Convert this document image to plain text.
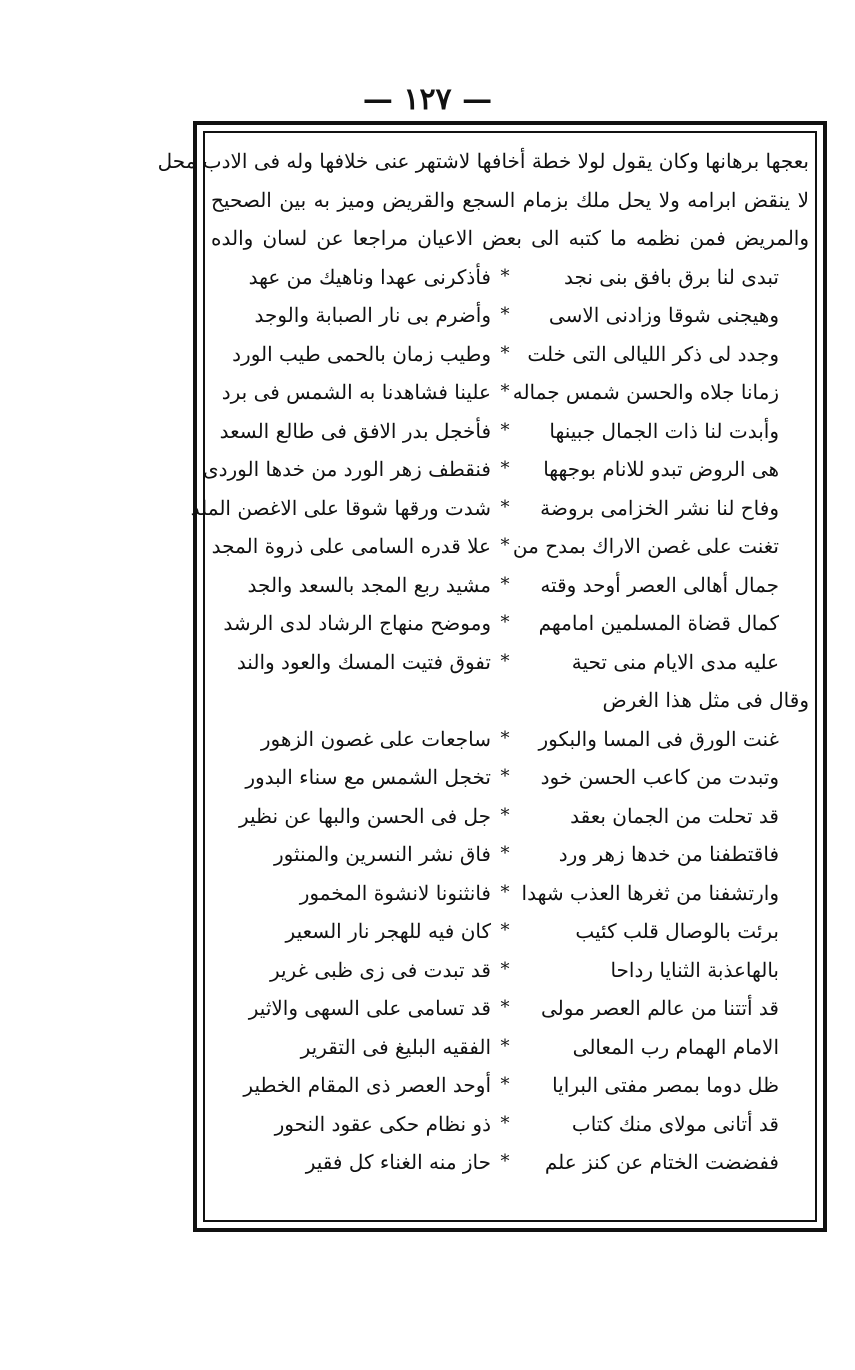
— ١٢٧ —
بعجها برهانها وكان يقول لولا خطة أخافها لاشتهر عنى خلافها وله فى الادب محل
لا ينقض ابرامه ولا يحل ملك بزمام السجع والقريض وميز به بين الصحيح
والمريض فمن نظمه ما كتبه الى بعض الاعيان مراجعا عن لسان والده
تبدى لنا برق بافق بنى نجد
*
فأذكرنى عهدا وناهيك من عهد
وهيجنى شوقا وزادنى الاسى
*
وأضرم بى نار الصبابة والوجد
وجدد لى ذكر الليالى التى خلت
*
وطيب زمان بالحمى طيب الورد
زمانا جلاه والحسن شمس جماله
*
علينا فشاهدنا به الشمس فى برد
وأبدت لنا ذات الجمال جبينها
*
فأخجل بدر الافق فى طالع السعد
هى الروض تبدو للانام بوجهها
*
فنقطف زهر الورد من خدها الوردى
وفاح لنا نشر الخزامى بروضة
*
شدت ورقها شوقا على الاغصن الملد
تغنت على غصن الاراك بمدح من
*
علا قدره السامى على ذروة المجد
جمال أهالى العصر أوحد وقته
*
مشيد ربع المجد بالسعد والجد
كمال قضاة المسلمين امامهم
*
وموضح منهاج الرشاد لدى الرشد
عليه مدى الايام منى تحية
*
تفوق فتيت المسك والعود والند
وقال فى مثل هذا الغرض
غنت الورق فى المسا والبكور
*
ساجعات على غصون الزهور
وتبدت من كاعب الحسن خود
*
تخجل الشمس مع سناء البدور
قد تحلت من الجمان بعقد
*
جل فى الحسن والبها عن نظير
فاقتطفنا من خدها زهر ورد
*
فاق نشر النسرين والمنثور
وارتشفنا من ثغرها العذب شهدا
*
فانثنونا لانشوة المخمور
برئت بالوصال قلب كئيب
*
كان فيه للهجر نار السعير
بالهاعذبة الثنايا رداحا
*
قد تبدت فى زى ظبى غرير
قد أتتنا من عالم العصر مولى
*
قد تسامى على السهى والاثير
الامام الهمام رب المعالى
*
الفقيه البليغ فى التقرير
ظل دوما بمصر مفتى البرايا
*
أوحد العصر ذى المقام الخطير
قد أتانى مولاى منك كتاب
*
ذو نظام حكى عقود النحور
ففضضت الختام عن كنز علم
*
حاز منه الغناء كل فقير
